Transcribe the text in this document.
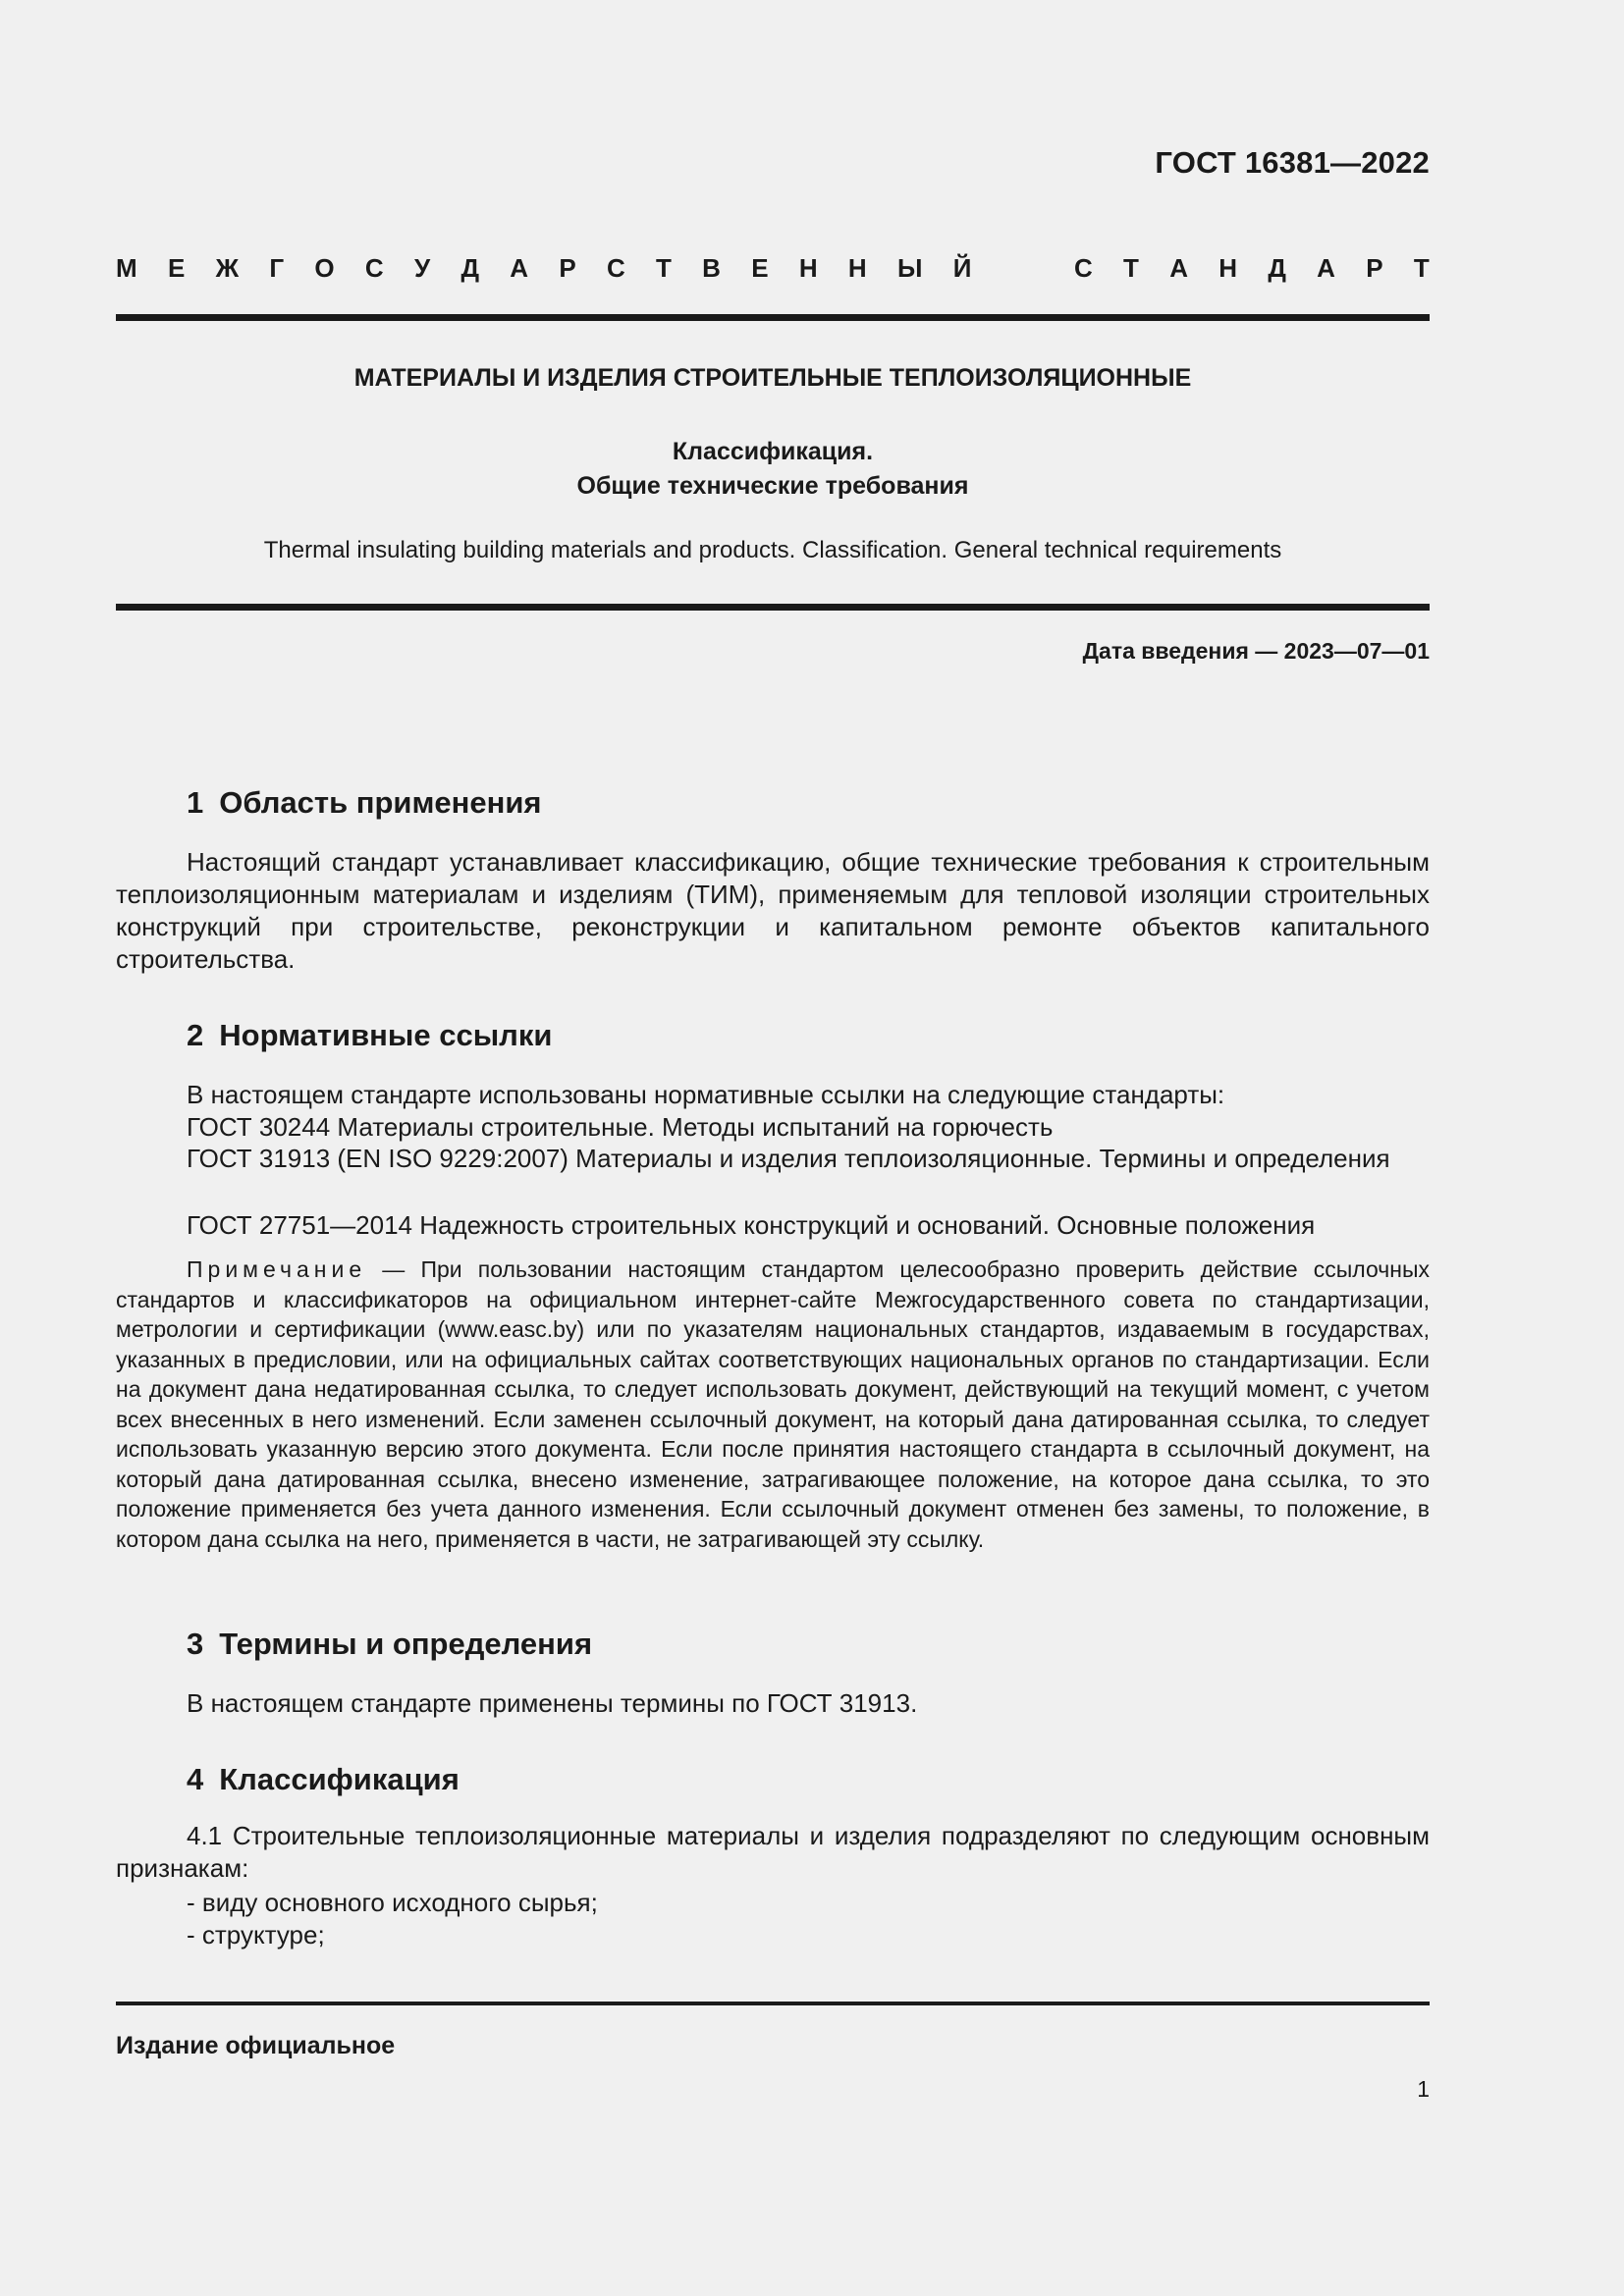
ГОСТ 16381—2022
М Е Ж Г О С У Д А Р С Т В Е Н Н Ы Й	С Т А Н Д А Р Т
МАТЕРИАЛЫ И ИЗДЕЛИЯ СТРОИТЕЛЬНЫЕ ТЕПЛОИЗОЛЯЦИОННЫЕ
Классификация.
Общие технические требования
Thermal insulating building materials and products. Classification. General technical requirements
Дата введения — 2023—07—01
1 Область применения
Настоящий стандарт устанавливает классификацию, общие технические требования к строительным теплоизоляционным материалам и изделиям (ТИМ), применяемым для тепловой изоляции строительных конструкций при строительстве, реконструкции и капитальном ремонте объектов капитального строительства.
2 Нормативные ссылки
В настоящем стандарте использованы нормативные ссылки на следующие стандарты:
ГОСТ 30244 Материалы строительные. Методы испытаний на горючесть
ГОСТ 31913 (EN ISO 9229:2007) Материалы и изделия теплоизоляционные. Термины и определения
ГОСТ 27751—2014 Надежность строительных конструкций и оснований. Основные положения
Примечание — При пользовании настоящим стандартом целесообразно проверить действие ссылочных стандартов и классификаторов на официальном интернет-сайте Межгосударственного совета по стандартизации, метрологии и сертификации (www.easc.by) или по указателям национальных стандартов, издаваемым в государствах, указанных в предисловии, или на официальных сайтах соответствующих национальных органов по стандартизации. Если на документ дана недатированная ссылка, то следует использовать документ, действующий на текущий момент, с учетом всех внесенных в него изменений. Если заменен ссылочный документ, на который дана датированная ссылка, то следует использовать указанную версию этого документа. Если после принятия настоящего стандарта в ссылочный документ, на который дана датированная ссылка, внесено изменение, затрагивающее положение, на которое дана ссылка, то это положение применяется без учета данного изменения. Если ссылочный документ отменен без замены, то положение, в котором дана ссылка на него, применяется в части, не затрагивающей эту ссылку.
3 Термины и определения
В настоящем стандарте применены термины по ГОСТ 31913.
4 Классификация
4.1 Строительные теплоизоляционные материалы и изделия подразделяют по следующим основным признакам:
- виду основного исходного сырья;
- структуре;
Издание официальное
1
